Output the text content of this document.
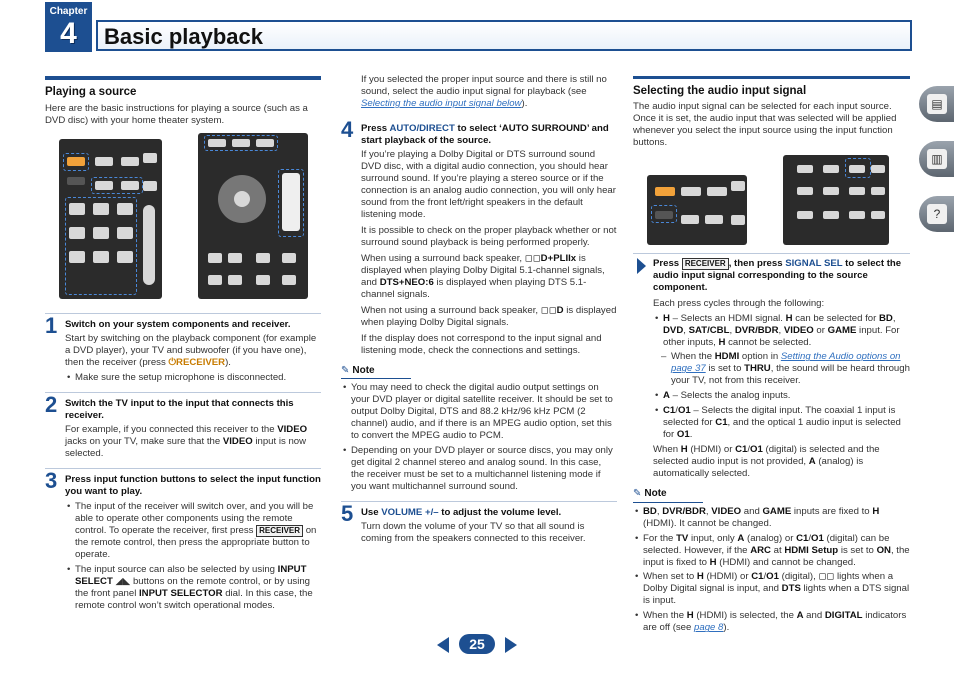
Chapter
4	Basic playback
▤
▥
?
Playing a source

Here are the basic instructions for playing a source (such as a DVD disc) with your home theater system.

1 Switch on your system components and receiver.

Start by switching on the playback component (for example a DVD player), your TV and subwoofer (if you have one), then the receiver (press ⏻RECEIVER).

• Make sure the setup microphone is disconnected.
2 Switch the TV input to the input that connects this receiver.

For example, if you connected this receiver to the VIDEO jacks on your TV, make sure that the VIDEO input is now selected.

3 Press input function buttons to select the input function you want to play.
• The input of the receiver will switch over, and you will be able to operate other components using the remote control. To operate the receiver, first press RECEIVER on the remote control, then press the appropriate button to operate.
• The input source can also be selected by using INPUT SELECT ◢◣ buttons on the remote control, or by using the front panel INPUT SELECTOR dial. In this case, the remote control won’t switch operational modes.

If you selected the proper input source and there is still no sound, select the audio input signal for playback (see Selecting the audio input signal below).

4 Press AUTO/DIRECT to select ‘AUTO SURROUND’ and start playback of the source.

If you’re playing a Dolby Digital or DTS surround sound DVD disc, with a digital audio connection, you should hear surround sound. If you’re playing a stereo source or if the connection is an analog audio connection, you will only hear sound from the front left/right speakers in the default listening mode.

It is possible to check on the proper playback whether or not surround sound playback is being performed properly.

When using a surround back speaker, ◻◻D+PLIIx is displayed when playing Dolby Digital 5.1-channel signals, and DTS+NEO:6 is displayed when playing DTS 5.1-channel signals.

When not using a surround back speaker, ◻◻D is displayed when playing Dolby Digital signals.

If the display does not correspond to the input signal and listening mode, check the connections and settings.

✎ Note
• You may need to check the digital audio output settings on your DVD player or digital satellite receiver. It should be set to output Dolby Digital, DTS and 88.2 kHz/96 kHz PCM (2 channel) audio, and if there is an MPEG audio option, set this to convert the MPEG audio to PCM.
• Depending on your DVD player or source discs, you may only get digital 2 channel stereo and analog sound. In this case, the receiver must be set to a multichannel listening mode if you want multichannel surround sound.
5 Use VOLUME +/– to adjust the volume level.

Turn down the volume of your TV so that all sound is coming from the speakers connected to this receiver.

Selecting the audio input signal

The audio input signal can be selected for each input source. Once it is set, the audio input that was selected will be applied whenever you select the input source using the input function buttons.

Press RECEIVER , then press SIGNAL SEL to select the audio input signal corresponding to the source component.

Each press cycles through the following:

• H – Selects an HDMI signal. H can be selected for BD, DVD, SAT/CBL, DVR/BDR, VIDEO or GAME input. For other inputs, H cannot be selected.
– When the HDMI option in Setting the Audio options on page 37 is set to THRU, the sound will be heard through your TV, not from this receiver.
• A – Selects the analog inputs.
• C1/O1 – Selects the digital input. The coaxial 1 input is selected for C1, and the optical 1 audio input is selected for O1.

When H (HDMI) or C1/O1 (digital) is selected and the selected audio input is not provided, A (analog) is automatically selected.

✎ Note
• BD, DVR/BDR, VIDEO and GAME inputs are fixed to H (HDMI). It cannot be changed.
• For the TV input, only A (analog) or C1/O1 (digital) can be selected. However, if the ARC at HDMI Setup is set to ON, the input is fixed to H (HDMI) and cannot be changed.
• When set to H (HDMI) or C1/O1 (digital), ◻◻ lights when a Dolby Digital signal is input, and DTS lights when a DTS signal is input.
• When the H (HDMI) is selected, the A and DIGITAL indicators are off (see page 8).
25
